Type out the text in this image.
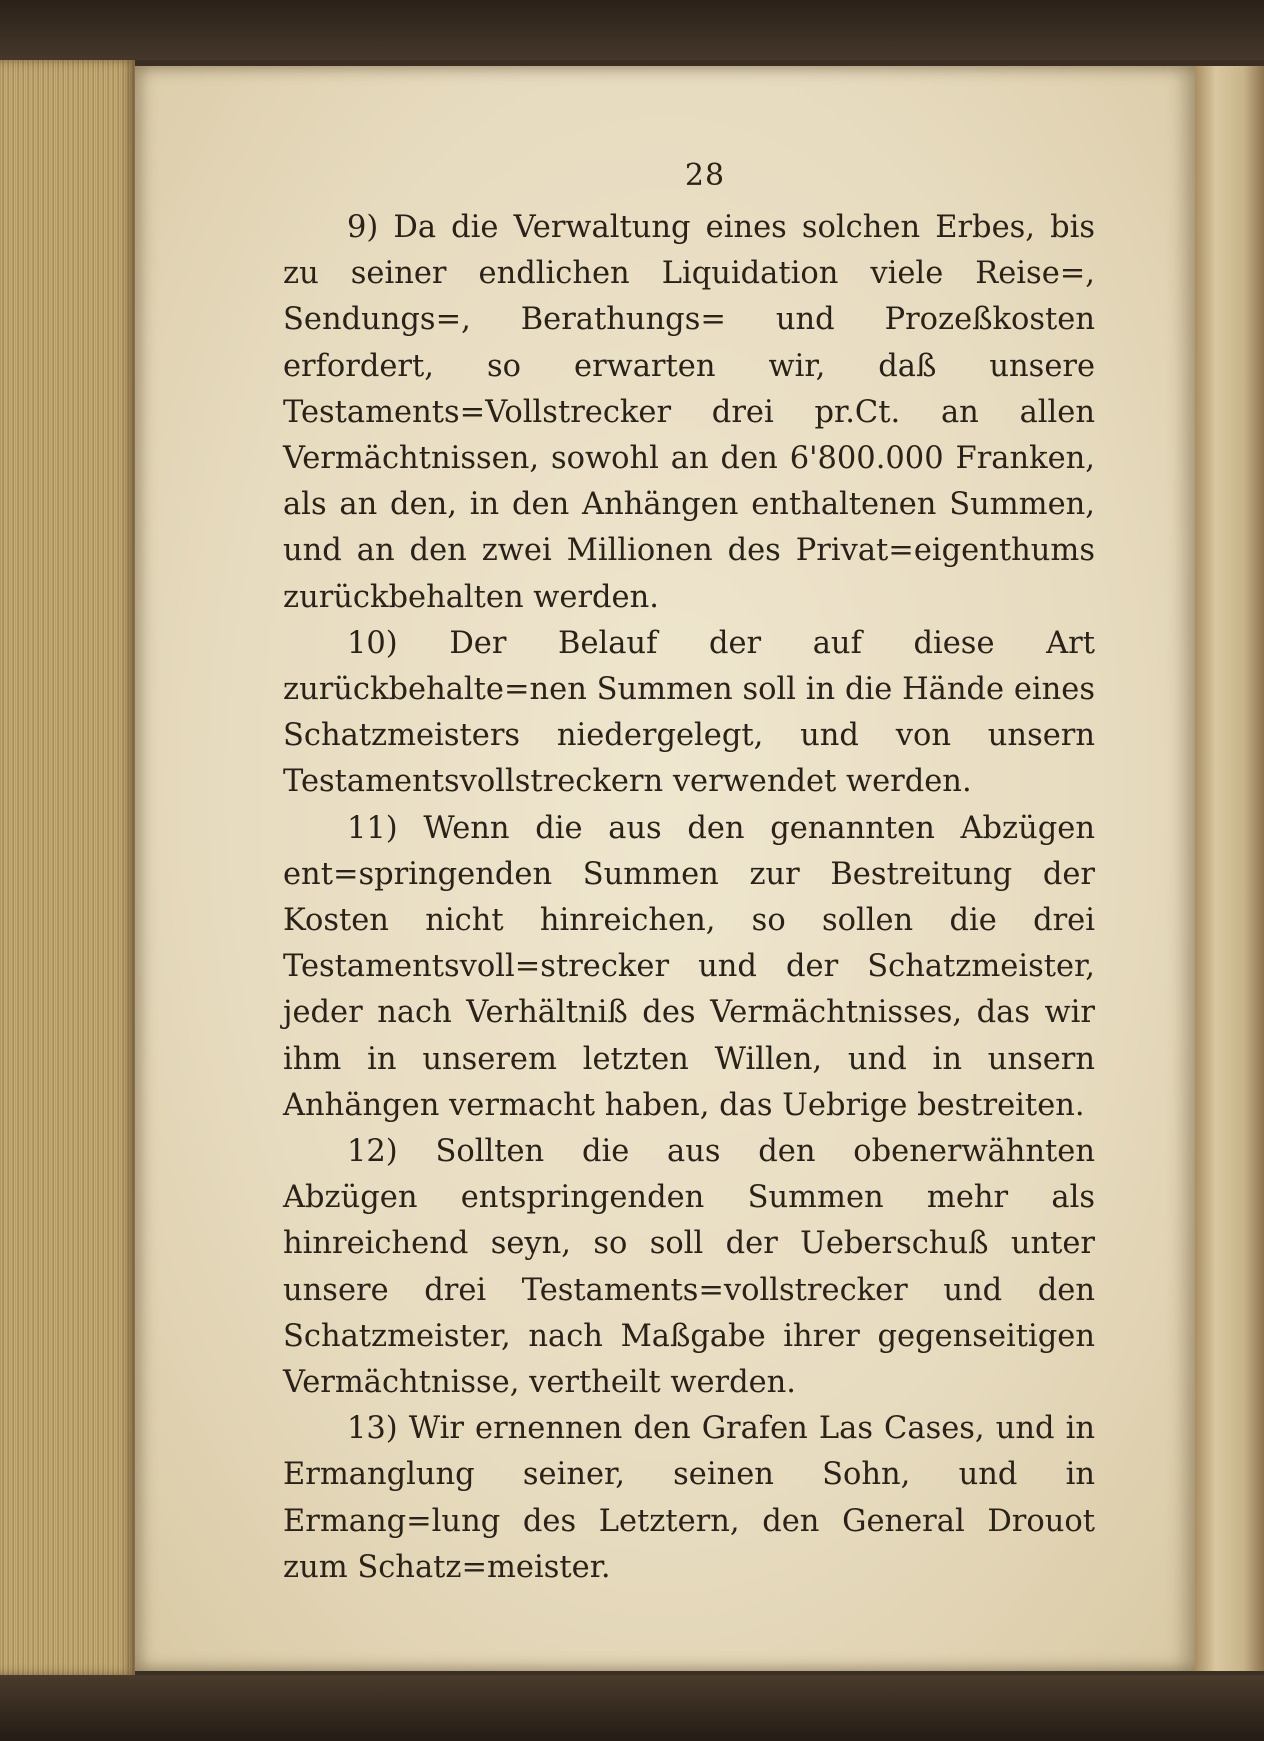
28

9) Da die Verwaltung eines solchen Erbes, bis zu seiner endlichen Liquidation viele Reise=, Sendungs=, Berathungs= und Prozeßkosten erfordert, so erwarten wir, daß unsere Testaments=Vollstrecker drei pr.Ct. an allen Vermächtnissen, sowohl an den 6'800.000 Franken, als an den, in den Anhängen enthaltenen Summen, und an den zwei Millionen des Privat=eigenthums zurückbehalten werden.

10) Der Belauf der auf diese Art zurückbehalte=nen Summen soll in die Hände eines Schatzmeisters niedergelegt, und von unsern Testamentsvollstreckern verwendet werden.

11) Wenn die aus den genannten Abzügen ent=springenden Summen zur Bestreitung der Kosten nicht hinreichen, so sollen die drei Testamentsvoll=strecker und der Schatzmeister, jeder nach Verhältniß des Vermächtnisses, das wir ihm in unserem letzten Willen, und in unsern Anhängen vermacht haben, das Uebrige bestreiten.

12) Sollten die aus den obenerwähnten Abzügen entspringenden Summen mehr als hinreichend seyn, so soll der Ueberschuß unter unsere drei Testaments=vollstrecker und den Schatzmeister, nach Maßgabe ihrer gegenseitigen Vermächtnisse, vertheilt werden.

13) Wir ernennen den Grafen Las Cases, und in Ermanglung seiner, seinen Sohn, und in Ermang=lung des Letztern, den General Drouot zum Schatz=meister.
